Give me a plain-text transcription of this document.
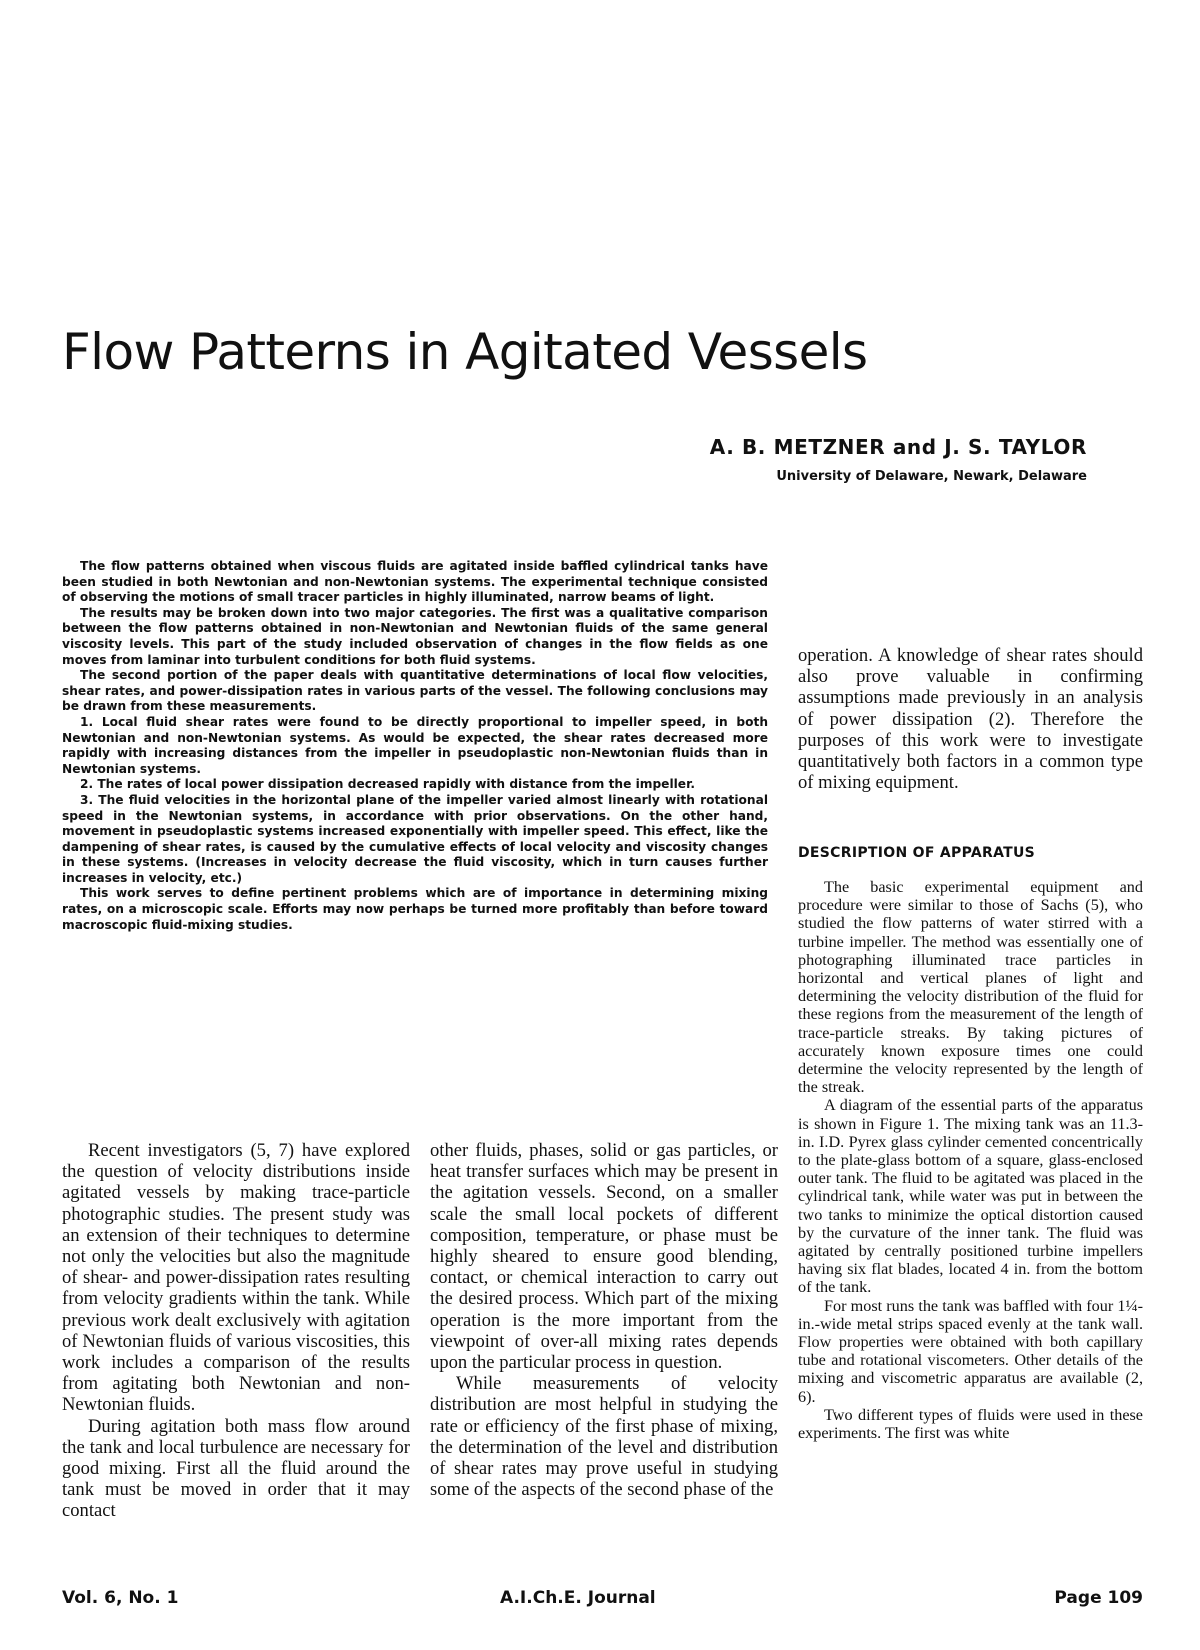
Flow Patterns in Agitated Vessels
A. B. METZNER and J. S. TAYLOR
University of Delaware, Newark, Delaware

The flow patterns obtained when viscous fluids are agitated inside baffled cylindrical tanks have been studied in both Newtonian and non-Newtonian systems. The experimental technique consisted of observing the motions of small tracer particles in highly illuminated, narrow beams of light.

The results may be broken down into two major categories. The first was a qualitative comparison between the flow patterns obtained in non-Newtonian and Newtonian fluids of the same general viscosity levels. This part of the study included observation of changes in the flow fields as one moves from laminar into turbulent conditions for both fluid systems.

The second portion of the paper deals with quantitative determinations of local flow velocities, shear rates, and power-dissipation rates in various parts of the vessel. The following conclusions may be drawn from these measurements.

1. Local fluid shear rates were found to be directly proportional to impeller speed, in both Newtonian and non-Newtonian systems. As would be expected, the shear rates decreased more rapidly with increasing distances from the impeller in pseudoplastic non-Newtonian fluids than in Newtonian systems.

2. The rates of local power dissipation decreased rapidly with distance from the impeller.

3. The fluid velocities in the horizontal plane of the impeller varied almost linearly with rotational speed in the Newtonian systems, in accordance with prior observations. On the other hand, movement in pseudoplastic systems increased exponentially with impeller speed. This effect, like the dampening of shear rates, is caused by the cumulative effects of local velocity and viscosity changes in these systems. (Increases in velocity decrease the fluid viscosity, which in turn causes further increases in velocity, etc.)

This work serves to define pertinent problems which are of importance in determining mixing rates, on a microscopic scale. Efforts may now perhaps be turned more profitably than before toward macroscopic fluid-mixing studies.

Recent investigators (5, 7) have explored the question of velocity distributions inside agitated vessels by making trace-particle photographic studies. The present study was an extension of their techniques to determine not only the velocities but also the magnitude of shear- and power-dissipation rates resulting from velocity gradients within the tank. While previous work dealt exclusively with agitation of Newtonian fluids of various viscosities, this work includes a comparison of the results from agitating both Newtonian and non-Newtonian fluids.

During agitation both mass flow around the tank and local turbulence are necessary for good mixing. First all the fluid around the tank must be moved in order that it may contact

other fluids, phases, solid or gas particles, or heat transfer surfaces which may be present in the agitation vessels. Second, on a smaller scale the small local pockets of different composition, temperature, or phase must be highly sheared to ensure good blending, contact, or chemical interaction to carry out the desired process. Which part of the mixing operation is the more important from the viewpoint of over-all mixing rates depends upon the particular process in question.

While measurements of velocity distribution are most helpful in studying the rate or efficiency of the first phase of mixing, the determination of the level and distribution of shear rates may prove useful in studying some of the aspects of the second phase of the

operation. A knowledge of shear rates should also prove valuable in confirming assumptions made previously in an analysis of power dissipation (2). Therefore the purposes of this work were to investigate quantitatively both factors in a common type of mixing equipment.

DESCRIPTION OF APPARATUS

The basic experimental equipment and procedure were similar to those of Sachs (5), who studied the flow patterns of water stirred with a turbine impeller. The method was essentially one of photographing illuminated trace particles in horizontal and vertical planes of light and determining the velocity distribution of the fluid for these regions from the measurement of the length of trace-particle streaks. By taking pictures of accurately known exposure times one could determine the velocity represented by the length of the streak.

A diagram of the essential parts of the apparatus is shown in Figure 1. The mixing tank was an 11.3-in. I.D. Pyrex glass cylinder cemented concentrically to the plate-glass bottom of a square, glass-enclosed outer tank. The fluid to be agitated was placed in the cylindrical tank, while water was put in between the two tanks to minimize the optical distortion caused by the curvature of the inner tank. The fluid was agitated by centrally positioned turbine impellers having six flat blades, located 4 in. from the bottom of the tank.

For most runs the tank was baffled with four 1¼-in.-wide metal strips spaced evenly at the tank wall. Flow properties were obtained with both capillary tube and rotational viscometers. Other details of the mixing and viscometric apparatus are available (2, 6).

Two different types of fluids were used in these experiments. The first was white

Vol. 6, No. 1	A.I.Ch.E. Journal	Page 109
